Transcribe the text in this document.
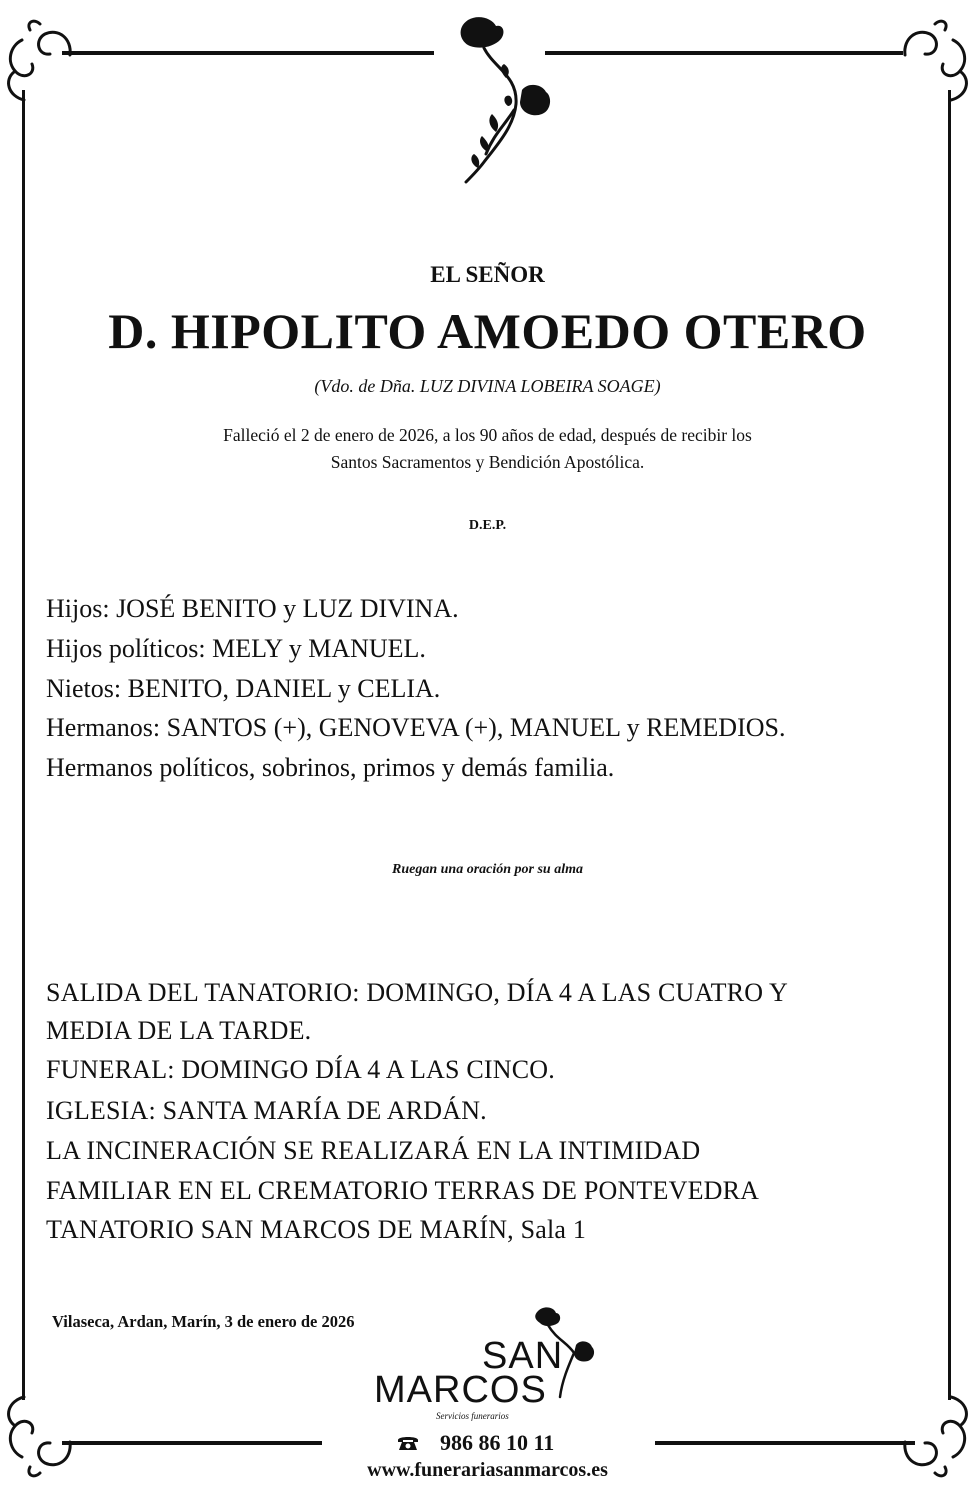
EL SEÑOR
D. HIPOLITO AMOEDO OTERO
(Vdo. de Dña. LUZ DIVINA LOBEIRA SOAGE)
Falleció el 2 de enero de 2026, a los 90 años de edad, después de recibir los
Santos Sacramentos y Bendición Apostólica.
D.E.P.
Hijos: JOSÉ BENITO y LUZ DIVINA.
Hijos políticos: MELY y MANUEL.
Nietos: BENITO, DANIEL y CELIA.
Hermanos: SANTOS (+), GENOVEVA (+), MANUEL y REMEDIOS.
Hermanos políticos, sobrinos, primos y demás familia.
Ruegan una oración por su alma
SALIDA DEL TANATORIO: DOMINGO, DÍA 4 A LAS CUATRO Y
MEDIA DE LA TARDE.
FUNERAL: DOMINGO DÍA 4 A LAS CINCO.
IGLESIA: SANTA MARÍA DE ARDÁN.
LA INCINERACIÓN SE REALIZARÁ EN LA INTIMIDAD
FAMILIAR EN EL CREMATORIO TERRAS DE PONTEVEDRA
TANATORIO SAN MARCOS DE MARÍN, Sala 1
Vilaseca, Ardan, Marín, 3 de enero de 2026
SAN
MARCOS
Servicios funerarios
986 86 10 11
www.funerariasanmarcos.es
